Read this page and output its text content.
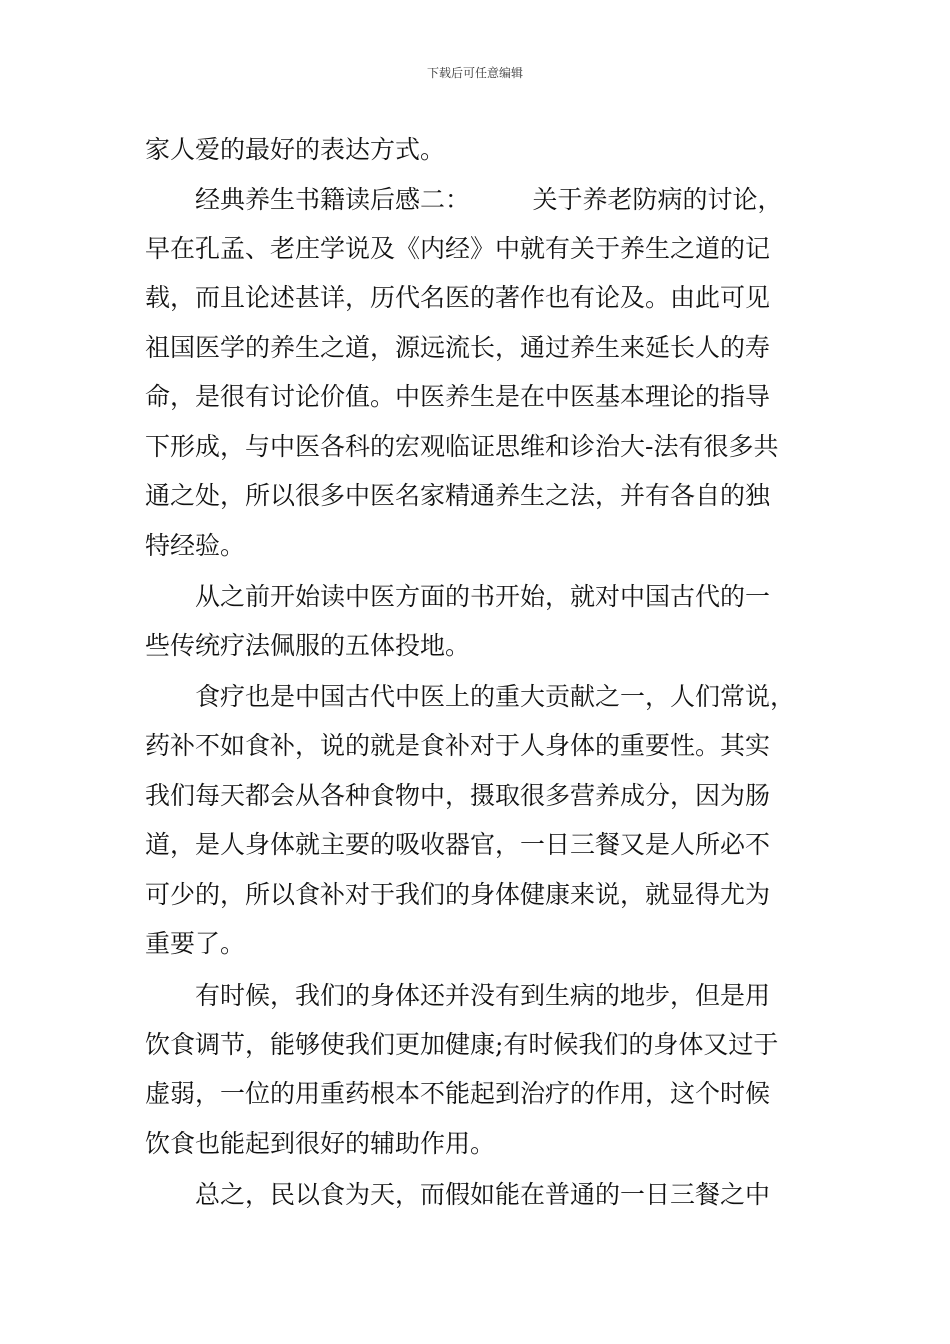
下载后可任意编辑
家人爱的最好的表达方式。
　　经典养生书籍读后感二：　　　关于养老防病的讨论，
早在孔孟、老庄学说及《内经》中就有关于养生之道的记
载，而且论述甚详，历代名医的著作也有论及。由此可见
祖国医学的养生之道，源远流长，通过养生来延长人的寿
命，是很有讨论价值。中医养生是在中医基本理论的指导
下形成，与中医各科的宏观临证思维和诊治大-法有很多共
通之处，所以很多中医名家精通养生之法，并有各自的独
特经验。
　　从之前开始读中医方面的书开始，就对中国古代的一
些传统疗法佩服的五体投地。
　　食疗也是中国古代中医上的重大贡献之一，人们常说，
药补不如食补，说的就是食补对于人身体的重要性。其实
我们每天都会从各种食物中，摄取很多营养成分，因为肠
道，是人身体就主要的吸收器官，一日三餐又是人所必不
可少的，所以食补对于我们的身体健康来说，就显得尤为
重要了。
　　有时候，我们的身体还并没有到生病的地步，但是用
饮食调节，能够使我们更加健康;有时候我们的身体又过于
虚弱，一位的用重药根本不能起到治疗的作用，这个时候
饮食也能起到很好的辅助作用。
　　总之，民以食为天，而假如能在普通的一日三餐之中
